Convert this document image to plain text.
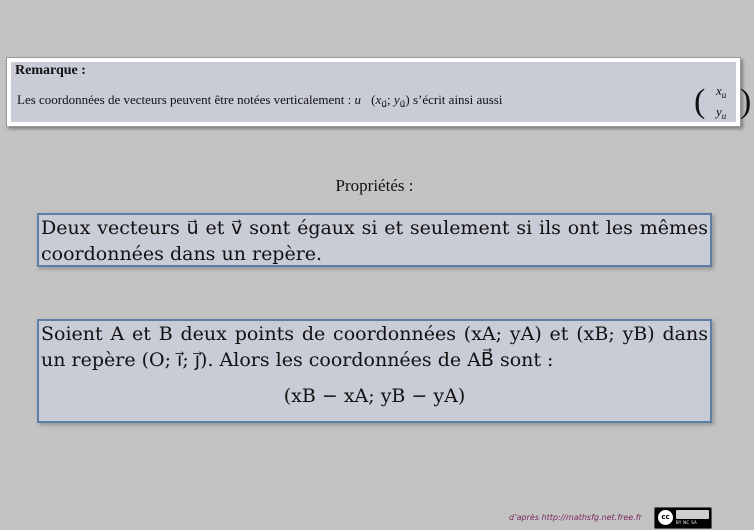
Remarque :
Les coordonnées de vecteurs peuvent être notées verticalement : $u⃗(x_{u⃗}$; $y_{u⃗}$) s’écrit ainsi aussi	( $x_{u⃗}$
$y_{u⃗}$ )
Propriétés :

Deux vecteurs u⃗ et v⃗ sont égaux si et seulement si ils ont les mêmes coordonnées dans un repère.

Soient A et B deux points de coordonnées (xA; yA) et (xB; yB) dans un repère (O; i⃗; j⃗). Alors les coordonnées de AB⃗ sont :

(xB − xA; yB − yA)

d’après http://mathsfg.net.free.fr	cc
BY NC SA
